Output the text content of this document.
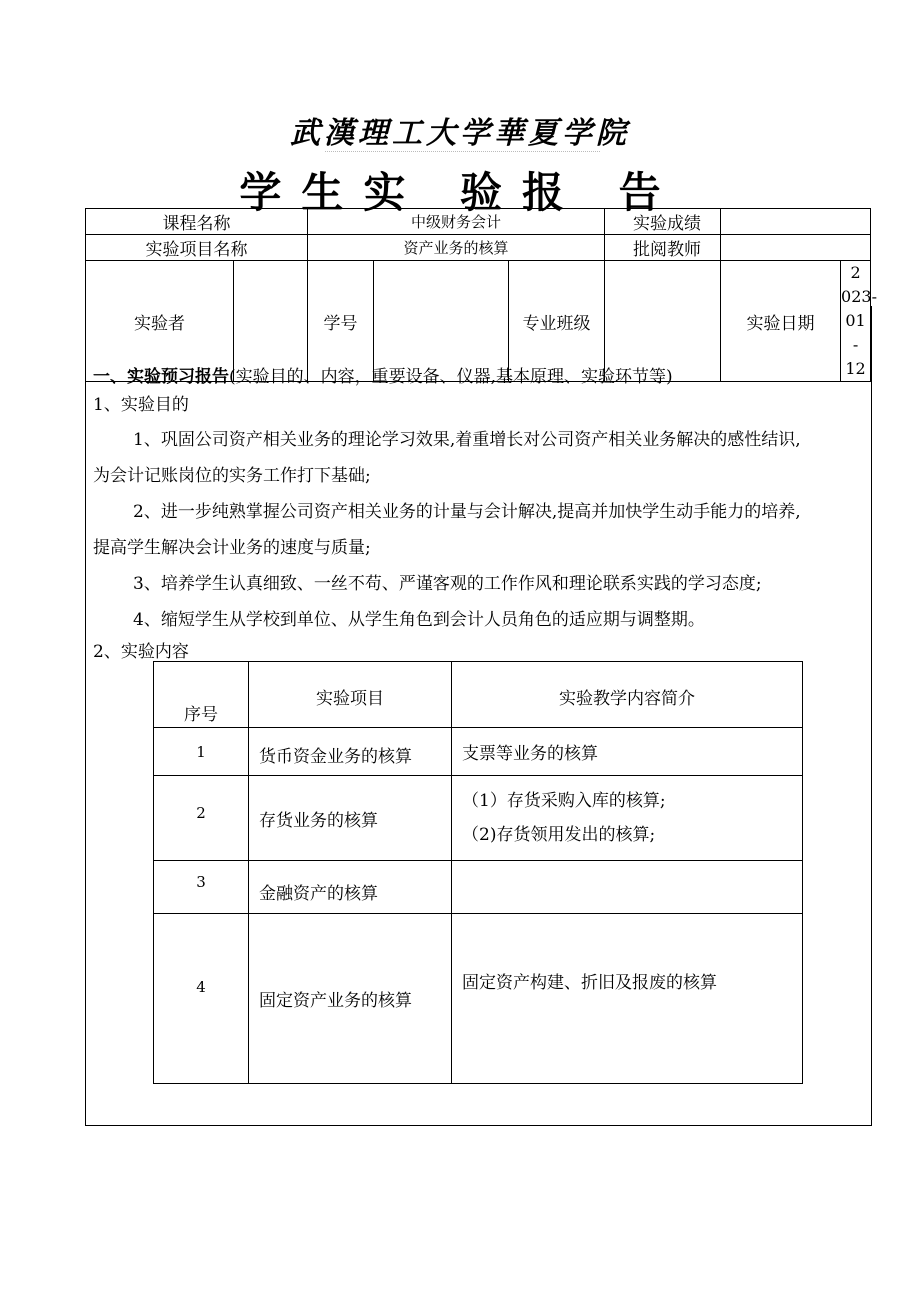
武漢理工大学華夏学院
学生实 验报 告
课程名称		中级财务会计			实验成绩		
实验项目名称		资产业务的核算			批阅教师		
实验者		学号		专业班级		实验日期	2 023-01 -
12
一、实验预习报告(实验目的、内容，重要设备、仪器,基本原理、实验环节等)
1、实验目的
1、巩固公司资产相关业务的理论学习效果,着重增长对公司资产相关业务解决的感性结识,
为会计记账岗位的实务工作打下基础;
2、进一步纯熟掌握公司资产相关业务的计量与会计解决,提高并加快学生动手能力的培养,
提高学生解决会计业务的速度与质量;
3、培养学生认真细致、一丝不苟、严谨客观的工作作风和理论联系实践的学习态度;
4、缩短学生从学校到单位、从学生角色到会计人员角色的适应期与调整期。
2、实验内容
序号	实验项目	实验教学内容简介
1	货币资金业务的核算	支票等业务的核算
2	存货业务的核算	（1）存货采购入库的核算;
（2)存货领用发出的核算;

3	金融资产的核算	
4	固定资产业务的核算	固定资产构建、折旧及报废的核算
